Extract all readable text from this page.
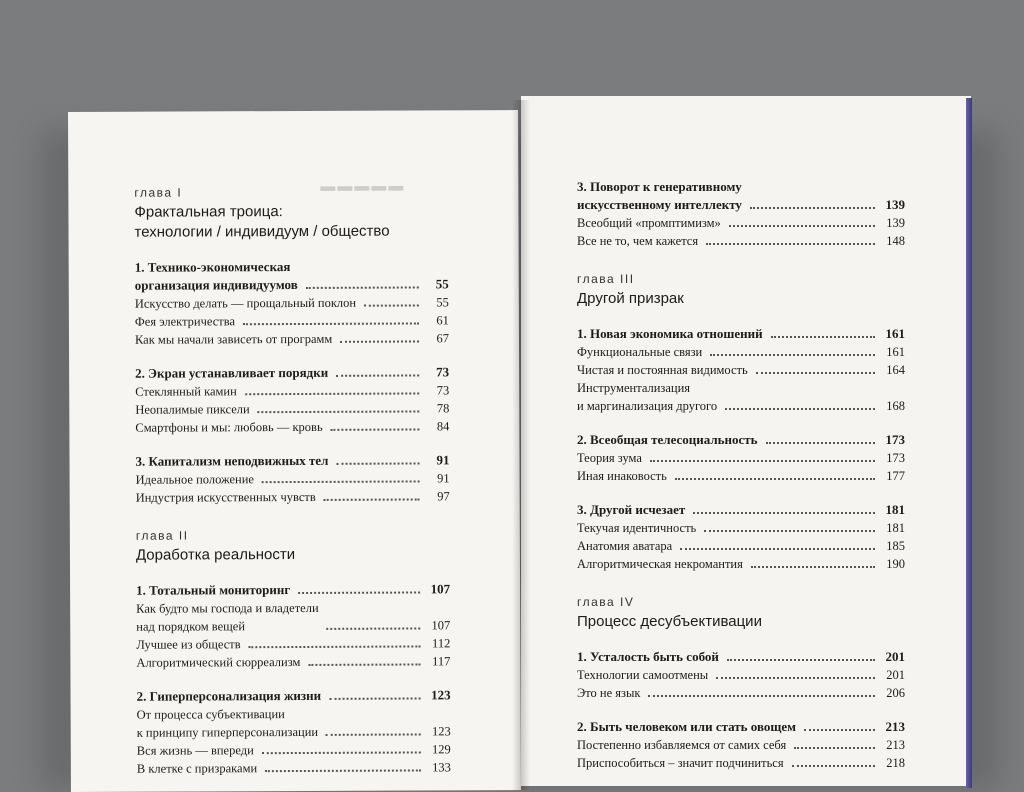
▬▬▬▬▬
глава I
Фрактальная троица:
технологии / индивидуум / общество
1. Технико-экономическая
организация индивидуумов	55
Искусство делать — прощальный поклон	55
Фея электричества	61
Как мы начали зависеть от программ	67
2. Экран устанавливает порядки	73
Стеклянный камин	73
Неопалимые пиксели	78
Смартфоны и мы: любовь — кровь	84
3. Капитализм неподвижных тел	91
Идеальное положение	91
Индустрия искусственных чувств	97
глава II
Доработка реальности
1. Тотальный мониторинг	107
Как будто мы господа и владетели
над порядком вещей	107
Лучшее из обществ	112
Алгоритмический сюрреализм	117
2. Гиперперсонализация жизни	123
От процесса субъективации
к принципу гиперперсонализации	123
Вся жизнь — впереди	129
В клетке с призраками	133
3. Поворот к генеративному
искусственному интеллекту	139
Всеобщий «промптимизм»	139
Все не то, чем кажется	148
глава III
Другой призрак
1. Новая экономика отношений	161
Функциональные связи	161
Чистая и постоянная видимость	164
Инструментализация
и маргинализация другого	168
2. Всеобщая телесоциальность	173
Теория зума	173
Иная инаковость	177
3. Другой исчезает	181
Текучая идентичность	181
Анатомия аватара	185
Алгоритмическая некромантия	190
глава IV
Процесс десубъективации
1. Усталость быть собой	201
Технологии самоотмены	201
Это не язык	206
2. Быть человеком или стать овощем	213
Постепенно избавляемся от самих себя	213
Приспособиться – значит подчиниться	218
